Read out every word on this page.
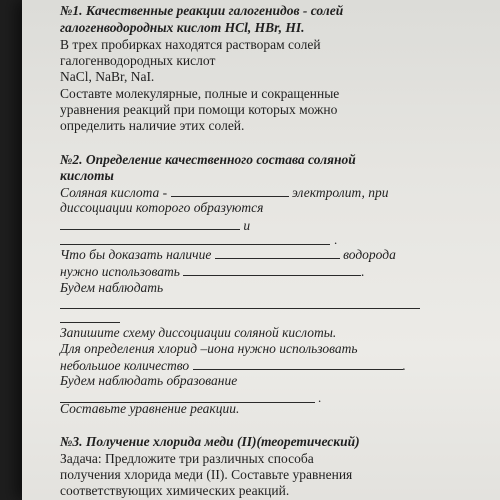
№1. Качественные реакции галогенидов - солей
галогенводородных кислот HCl, HBr, HI.
В трех пробирках находятся растворам солей
галогенводородных кислот
NaCl, NaBr, NaI.
Составте молекулярные, полные и сокращенные
уравнения реакций при помощи которых можно
определить наличие этих солей.
№2. Определение качественного состава соляной
кислоты
Соляная кислота -	электролит, при
диссоциации которого образуются
и
.
Что бы доказать наличие	водорода
нужно использовать	.
Будем наблюдать
Запишите схему диссоциации соляной кислоты.
Для определения хлорид –иона нужно использовать
небольшое количество	.
Будем наблюдать образование
.
Составьте уравнение реакции.
№3. Получение хлорида меди (II)(теоретический)
Задача: Предложите три различных способа
получения хлорида меди (II). Составьте уравнения
соответствующих химических реакций.
